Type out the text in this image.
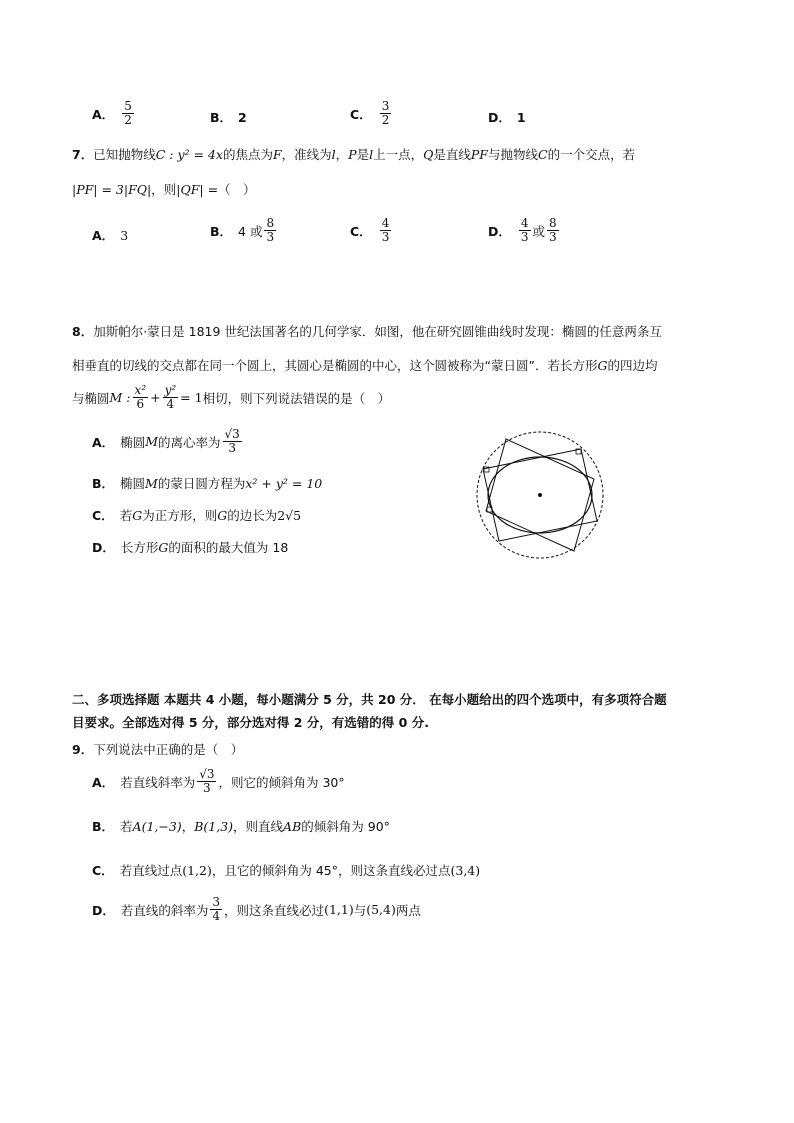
A． $\frac{5}{2}$	B． 2	C． $\frac{3}{2}$	D． 1
7． 已知抛物线 C : y² = 4x 的焦点为 F ，准线为 l ， P 是 l 上一点， Q 是直线 PF 与抛物线 C 的一个交点，若
|PF| = 3|FQ| ，则 |QF| = （　）
A． 3	B． 4 或 $\frac{8}{3}$	C． $\frac{4}{3}$	D． $\frac{4}{3}$ 或 $\frac{8}{3}$
8． 加斯帕尔·蒙日是 1819 世纪法国著名的几何学家．如图，他在研究圆锥曲线时发现：椭圆的任意两条互
相垂直的切线的交点都在同一个圆上，其圆心是椭圆的中心，这个圆被称为“蒙日圆”．若长方形 G 的四边均
与椭圆 M : $\frac{\text{x²}}{6} + \frac{\text{y²}}{4} = 1$ 相切，则下列说法错误的是（　）
A． 椭圆 M 的离心率为 $\frac{√3}{3}$
B． 椭圆 M 的蒙日圆方程为 x² + y² = 10
C． 若 G 为正方形，则 G 的边长为 2√5
D． 长方形 G 的面积的最大值为 18
二、多项选择题 本题共 4 小题，每小题满分 5 分，共 20 分． 在每小题给出的四个选项中，有多项符合题
目要求。全部选对得 5 分，部分选对得 2 分，有选错的得 0 分.
9． 下列说法中正确的是（　）
A． 若直线斜率为 $\frac{√3}{3}$ ，则它的倾斜角为 30°
B． 若 A(1,−3) ， B(1,3) ，则直线 AB 的倾斜角为 90°
C． 若直线过点 (1,2) ，且它的倾斜角为 45°，则这条直线必过点 (3,4)
D． 若直线的斜率为 $\frac{3}{4}$ ，则这条直线必过 (1,1) 与 (5,4) 两点
